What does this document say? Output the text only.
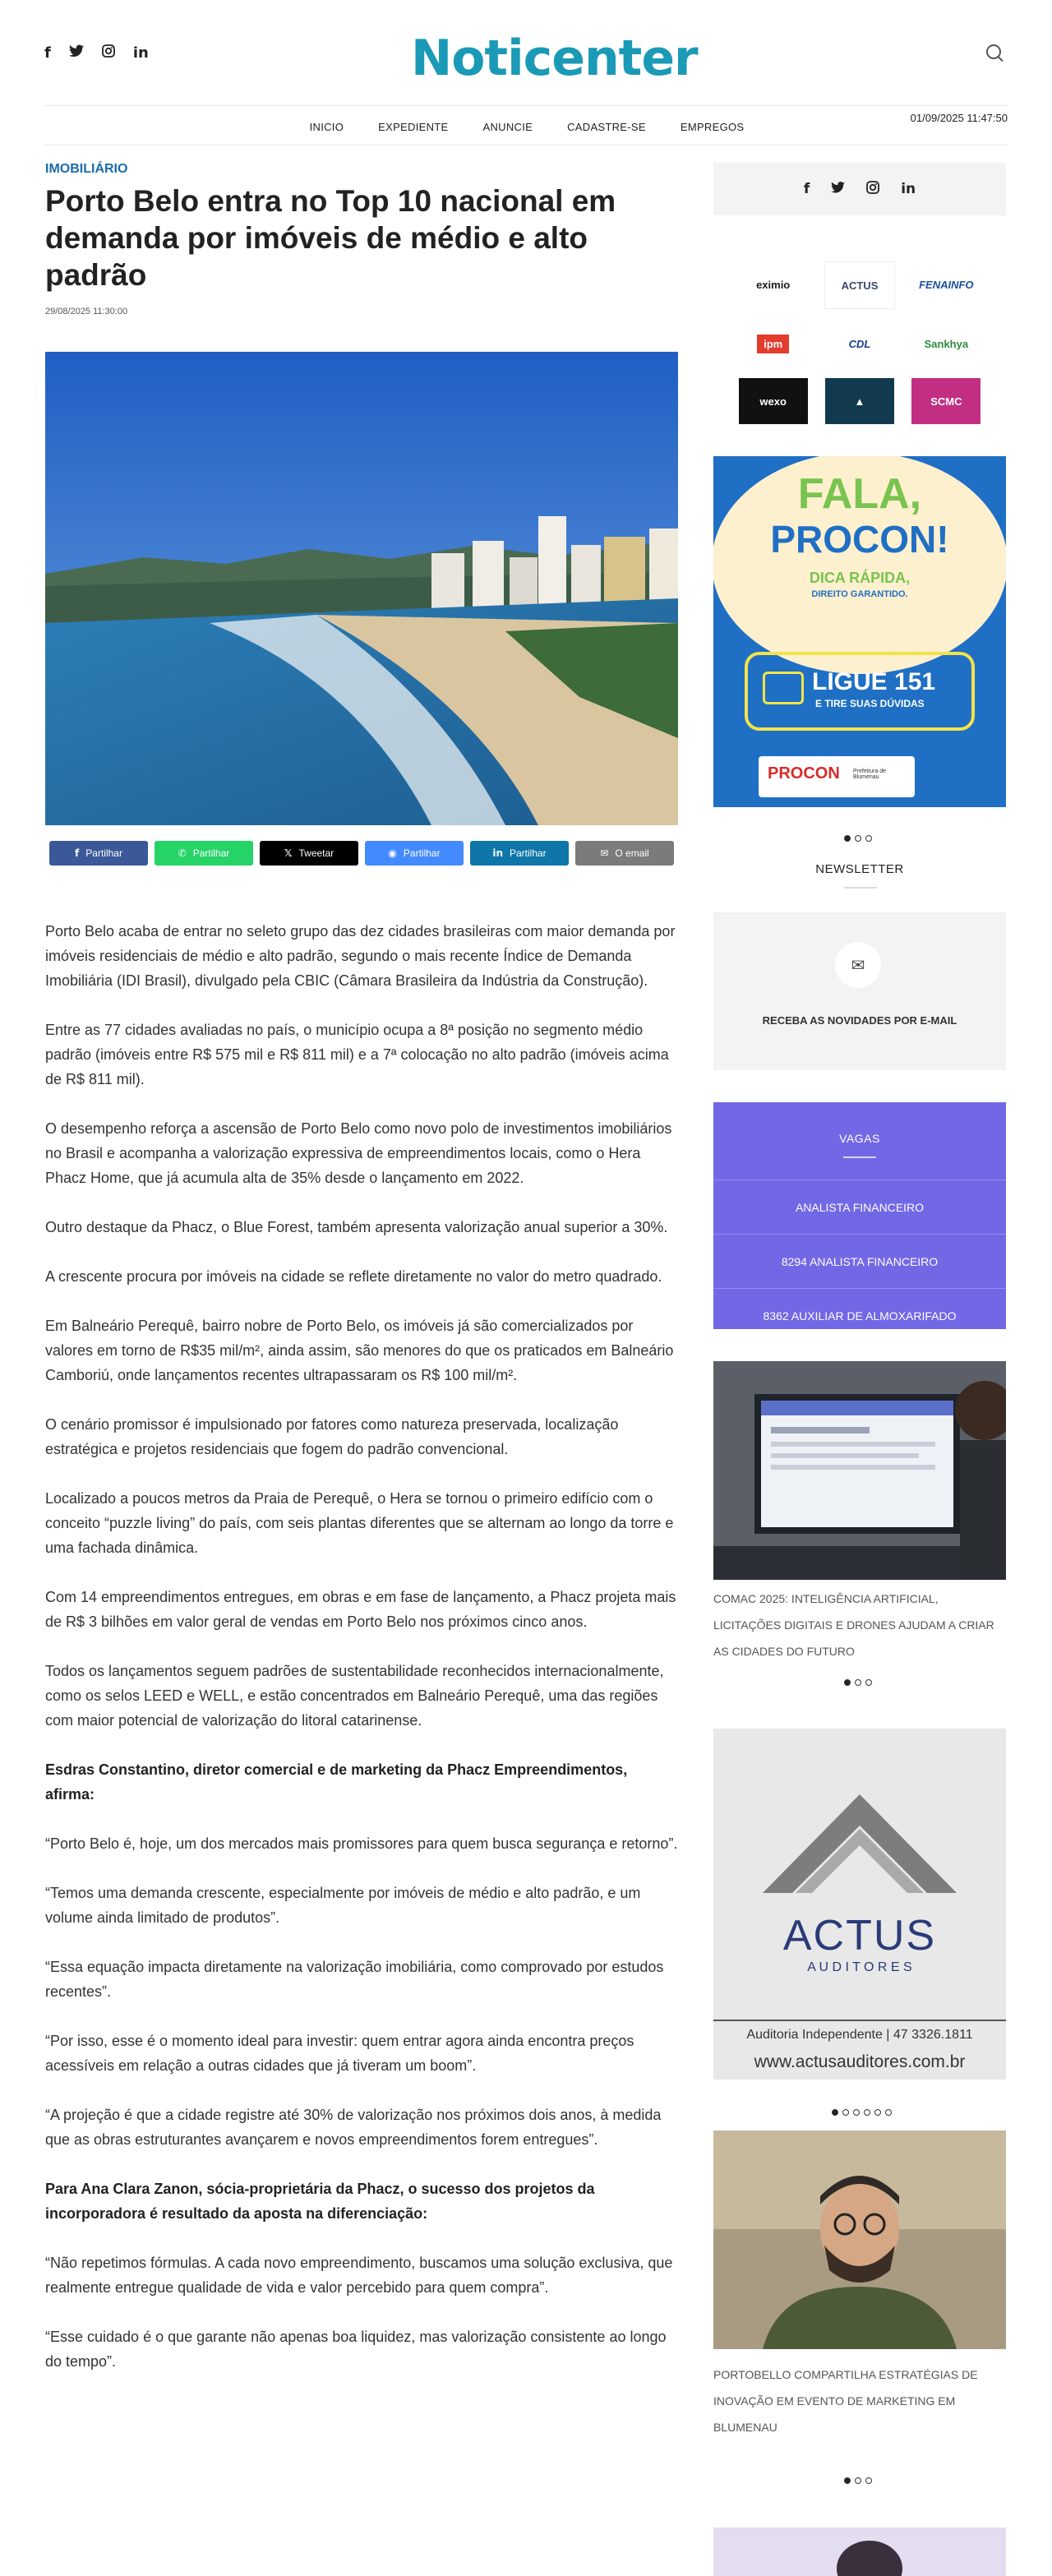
f	in	Noticenter
INICIO	EXPEDIENTE	ANUNCIE	CADASTRE-SE	EMPREGOS
01/09/2025 11:47:50
IMOBILIÁRIO
Porto Belo entra no Top 10 nacional em demanda por imóveis de médio e alto padrão
29/08/2025 11:30:00
f Partilhar	✆ Partilhar	𝕏 Tweetar	◉ Partilhar	in Partilhar	✉ O email

Porto Belo acaba de entrar no seleto grupo das dez cidades brasileiras com maior demanda por imóveis residenciais de médio e alto padrão, segundo o mais recente Índice de Demanda Imobiliária (IDI Brasil), divulgado pela CBIC (Câmara Brasileira da Indústria da Construção).

Entre as 77 cidades avaliadas no país, o município ocupa a 8ª posição no segmento médio padrão (imóveis entre R$ 575 mil e R$ 811 mil) e a 7ª colocação no alto padrão (imóveis acima de R$ 811 mil).

O desempenho reforça a ascensão de Porto Belo como novo polo de investimentos imobiliários no Brasil e acompanha a valorização expressiva de empreendimentos locais, como o Hera Phacz Home, que já acumula alta de 35% desde o lançamento em 2022.

Outro destaque da Phacz, o Blue Forest, também apresenta valorização anual superior a 30%.

A crescente procura por imóveis na cidade se reflete diretamente no valor do metro quadrado.

Em Balneário Perequê, bairro nobre de Porto Belo, os imóveis já são comercializados por valores em torno de R$35 mil/m², ainda assim, são menores do que os praticados em Balneário Camboriú, onde lançamentos recentes ultrapassaram os R$ 100 mil/m².

O cenário promissor é impulsionado por fatores como natureza preservada, localização estratégica e projetos residenciais que fogem do padrão convencional.

Localizado a poucos metros da Praia de Perequê, o Hera se tornou o primeiro edifício com o conceito “puzzle living” do país, com seis plantas diferentes que se alternam ao longo da torre e uma fachada dinâmica.

Com 14 empreendimentos entregues, em obras e em fase de lançamento, a Phacz projeta mais de R$ 3 bilhões em valor geral de vendas em Porto Belo nos próximos cinco anos.

Todos os lançamentos seguem padrões de sustentabilidade reconhecidos internacionalmente, como os selos LEED e WELL, e estão concentrados em Balneário Perequê, uma das regiões com maior potencial de valorização do litoral catarinense.

Esdras Constantino, diretor comercial e de marketing da Phacz Empreendimentos, afirma:

“Porto Belo é, hoje, um dos mercados mais promissores para quem busca segurança e retorno”.

“Temos uma demanda crescente, especialmente por imóveis de médio e alto padrão, e um volume ainda limitado de produtos”.

“Essa equação impacta diretamente na valorização imobiliária, como comprovado por estudos recentes”.

“Por isso, esse é o momento ideal para investir: quem entrar agora ainda encontra preços acessíveis em relação a outras cidades que já tiveram um boom”.

“A projeção é que a cidade registre até 30% de valorização nos próximos dois anos, à medida que as obras estruturantes avançarem e novos empreendimentos forem entregues”.

Para Ana Clara Zanon, sócia-proprietária da Phacz, o sucesso dos projetos da incorporadora é resultado da aposta na diferenciação:

“Não repetimos fórmulas. A cada novo empreendimento, buscamos uma solução exclusiva, que realmente entregue qualidade de vida e valor percebido para quem compra”.

“Esse cuidado é o que garante não apenas boa liquidez, mas valorização consistente ao longo do tempo”.

f	in
eximio	ACTUS	FENAINFO
ipm	CDL	Sankhya
wexo	▲	SCMC
FALA,
PROCON!
DICA RÁPIDA,
DIREITO GARANTIDO.
LIGUE 151
E TIRE SUAS DÚVIDAS
PROCON Prefeitura de Blumenau
NEWSLETTER
✉
RECEBA AS NOVIDADES POR E-MAIL
VAGAS
ANALISTA FINANCEIRO
8294 ANALISTA FINANCEIRO
8362 AUXILIAR DE ALMOXARIFADO
COMAC 2025: INTELIGÊNCIA ARTIFICIAL, LICITAÇÕES DIGITAIS E DRONES AJUDAM A CRIAR AS CIDADES DO FUTURO
ACTUS
A U D I T O R E S
Auditoria Independente | 47 3326.1811
www.actusauditores.com.br
PORTOBELLO COMPARTILHA ESTRATÉGIAS DE INOVAÇÃO EM EVENTO DE MARKETING EM BLUMENAU
